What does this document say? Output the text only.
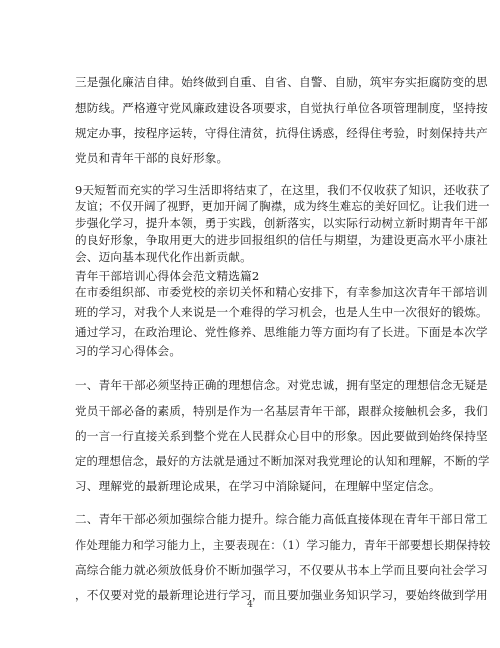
三是强化廉洁自律。始终做到自重、自省、自警、自励，筑牢夯实拒腐防变的思
想防线。严格遵守党风廉政建设各项要求，自觉执行单位各项管理制度，坚持按
规定办事，按程序运转，守得住清贫，抗得住诱惑，经得住考验，时刻保持共产
党员和青年干部的良好形象。
9天短暂而充实的学习生活即将结束了，在这里，我们不仅收获了知识，还收获了
友谊；不仅开阔了视野，更加开阔了胸襟，成为终生难忘的美好回忆。让我们进一
步强化学习，提升本领，勇于实践，创新落实，以实际行动树立新时期青年干部
的良好形象，争取用更大的进步回报组织的信任与期望，为建设更高水平小康社
会、迈向基本现代化作出新贡献。
青年干部培训心得体会范文精选篇2
在市委组织部、市委党校的亲切关怀和精心安排下，有幸参加这次青年干部培训
班的学习，对我个人来说是一个难得的学习机会，也是人生中一次很好的锻炼。
通过学习，在政治理论、党性修养、思维能力等方面均有了长进。下面是本次学
习的学习心得体会。
一、青年干部必须坚持正确的理想信念。对党忠诚，拥有坚定的理想信念无疑是
党员干部必备的素质，特别是作为一名基层青年干部，跟群众接触机会多，我们
的一言一行直接关系到整个党在人民群众心目中的形象。因此要做到始终保持坚
定的理想信念，最好的方法就是通过不断加深对我党理论的认知和理解，不断的学
习、理解党的最新理论成果，在学习中消除疑问，在理解中坚定信念。
二、青年干部必须加强综合能力提升。综合能力高低直接体现在青年干部日常工
作处理能力和学习能力上，主要表现在：（1）学习能力，青年干部要想长期保持较
高综合能力就必须放低身价不断加强学习，不仅要从书本上学而且要向社会学习
，不仅要对党的最新理论进行学习，而且要加强业务知识学习，要始终做到学用
4
